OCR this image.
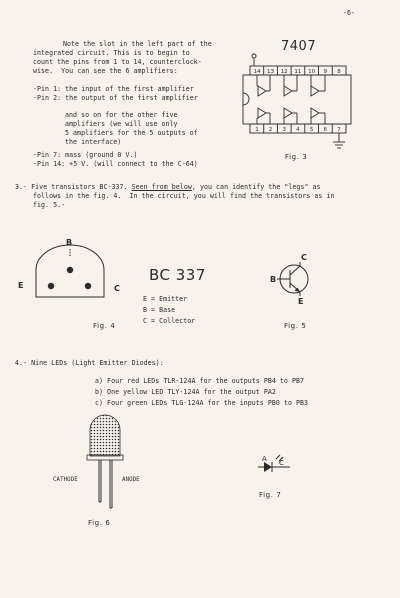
-6-
Note the slot in the left part of the
integrated circuit. This is to begin to
count the pins from 1 to 14, counterclock-
wise.  You can see the 6 amplifiers:
-Pin 1: the input of the first amplifier
-Pin 2: the output of the first amplifier
and so on for the other five
amplifiers (we will use only
5 amplifiers for the 5 outputs of
the interface)
-Pin 7: mass (ground 0 V.)
-Pin 14: +5 V. (will connect to the C-64)
7407
14 13 12 11 10 9 8
1 2 3 4 5 6 7
Fig. 3
3.- Five transistors BC-337. Seen from below, you can identify the "legs" as
follows in the fig. 4.  In the circuit, you will find the transistors as in
fig. 5.-
B
E	C
BC 337
E = Emitter
B = Base
C = Collector
Fig. 4
B
C
E
Fig. 5
4.- Nine LEDs (Light Emitter Diodes):
a) Four red LEDs TLR-124A for the outputs PB4 to PB7
b) One yellow LED TLY-124A for the output PA2
c) Four green LEDs TLG-124A for the inputs PB0 to PB3
CATHODE	ANODE
Fig. 6
A C
Fig. 7
